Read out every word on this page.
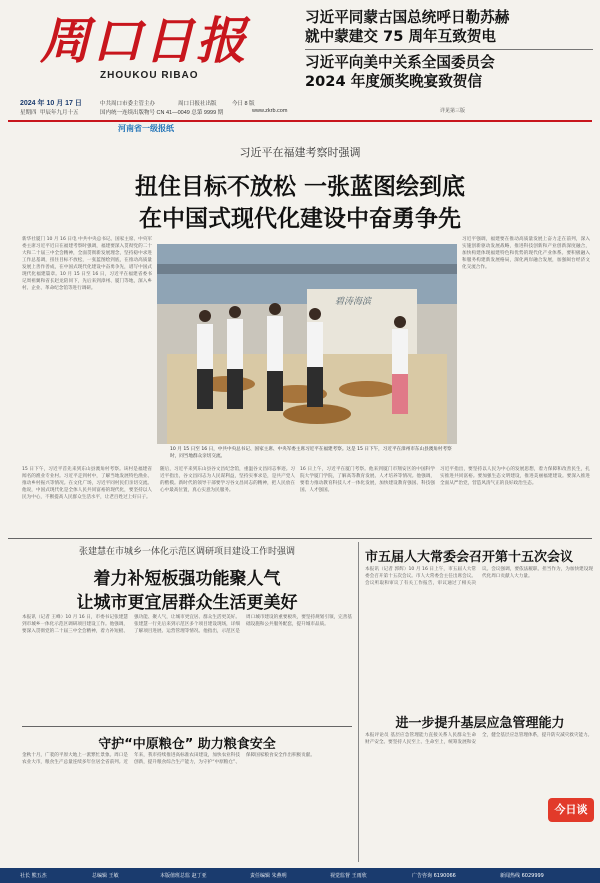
周口日报
ZHOUKOU RIBAO
习近平同蒙古国总统呼日勒苏赫
就中蒙建交 75 周年互致贺电
习近平向美中关系全国委员会
2024 年度颁奖晚宴致贺信
详见第三版
2024 年 10 月 17 日
星期四 甲辰年九月十五
中共周口市委主管主办	周口日报社出版	今日 8 版
国内统一连续出版物号 CN 41—0049 总第 9999 期	www.zkrb.com
河南省一级报纸
习近平在福建考察时强调
扭住目标不放松 一张蓝图绘到底
在中国式现代化建设中奋勇争先
新华社厦门 10 月 16 日电 中共中央总书记、国家主席、中央军委主席习近平近日在福建考察时强调，福建要深入贯彻党的二十大和二十届三中全会精神，全面贯彻新发展理念，坚持稳中求进工作总基调，扭住目标不放松，一张蓝图绘到底，在推动高质量发展上善作善成，在中国式现代化建设中奋勇争先，谱写中国式现代化福建篇章。10 月 15 日至 16 日，习近平在福建省委书记周祖翼和省长赵龙陪同下，先后来到漳州、厦门等地，深入乡村、企业、革命纪念馆等进行调研。
习近平强调，福建要在推动高质量发展上奋力走在前列，深入实施创新驱动发展战略，推进科技创新和产业创新深度融合，加快构建体现福建特色和优势的现代化产业体系。要积极融入和服务构建新发展格局，深化两岸融合发展，加强闽台经济文化交流合作。
碧涛海滨
10 月 15 日至 16 日，中共中央总书记、国家主席、中央军委主席习近平在福建考察。这是 15 日下午，习近平在漳州市东山县澳角村考察时，同当地群众亲切交流。
15 日下午，习近平首先来到东山县澳角村考察。该村是福建省闻名的渔业专业村。习近平走到村中，了解当地发展特色渔业、推动乡村振兴等情况。在文化广场，习近平同村民们亲切交流。他说，中国式现代化是全体人民共同富裕的现代化，要坚持以人民为中心，不断提高人民群众生活水平，让老百姓过上好日子。
随后，习近平来到东山县谷文昌纪念馆，重温谷文昌同志事迹。习近平指出，谷文昌同志为人民谋利益，坚持实事求是，是共产党人的楷模。新时代的领导干部要学习谷文昌同志的精神，把人民放在心中最高位置，真心实意为民服务。
16 日上午，习近平在厦门考察。他来到厦门市翔安区的中国科学院大学厦门学院，了解高等教育发展、人才培养等情况。他强调，要着力推动教育科技人才一体化发展，加快建设教育强国、科技强国、人才强国。
习近平指出，要坚持以人民为中心的发展思想，着力保障和改善民生，扎实推进共同富裕。要加强生态文明建设，推进美丽福建建设。要深入推进全面从严治党，营造风清气正的良好政治生态。
张建慧在市城乡一体化示范区调研项目建设工作时强调
着力补短板强功能聚人气
让城市更宜居群众生活更美好
本报讯（记者 王峰）10 月 16 日，市委书记张建慧到市城乡一体化示范区调研项目建设工作。他强调，要深入贯彻党的二十届三中全会精神，着力补短板、强功能、聚人气，让城市更宜居、群众生活更美好。张建慧一行先后来到示范区多个项目建设现场，详细了解项目进展、运营管理等情况。他指出，示范区是周口城市建设的重要板块，要坚持规划引领，完善基础设施和公共服务配套，提升城市品质。
市五届人大常委会召开第十五次会议
本报讯（记者 郭辉）10 月 16 日上午，市五届人大常委会召开第十五次会议。市人大常委会主任出席会议。会议听取和审议了有关工作报告，审议通过了相关决议。会议强调，要依法履职、担当作为，为加快建设现代化周口贡献人大力量。
进一步提升基层应急管理能力
本报评论员 基层应急管理能力直接关系人民群众生命财产安全。要坚持人民至上、生命至上，统筹发展和安全，健全基层应急管理体系，提升防灾减灾救灾能力。
今日谈
守护“中原粮仓” 助力粮食安全
金秋十月，广袤的平原大地上一派繁忙景象。周口是农业大市，粮食生产总量连续多年位居全省前列。近年来，我市持续推进高标准农田建设，加快农业科技创新，提升粮食综合生产能力，为守护“中原粮仓”、保障国家粮食安全作出积极贡献。
社长 熊五杰	总编辑 王敏	本版值班总监 赵丁亚	责任编辑 朱燕明	视觉监督 王雨欣	广告咨询 6190066	新闻热线 6029999
